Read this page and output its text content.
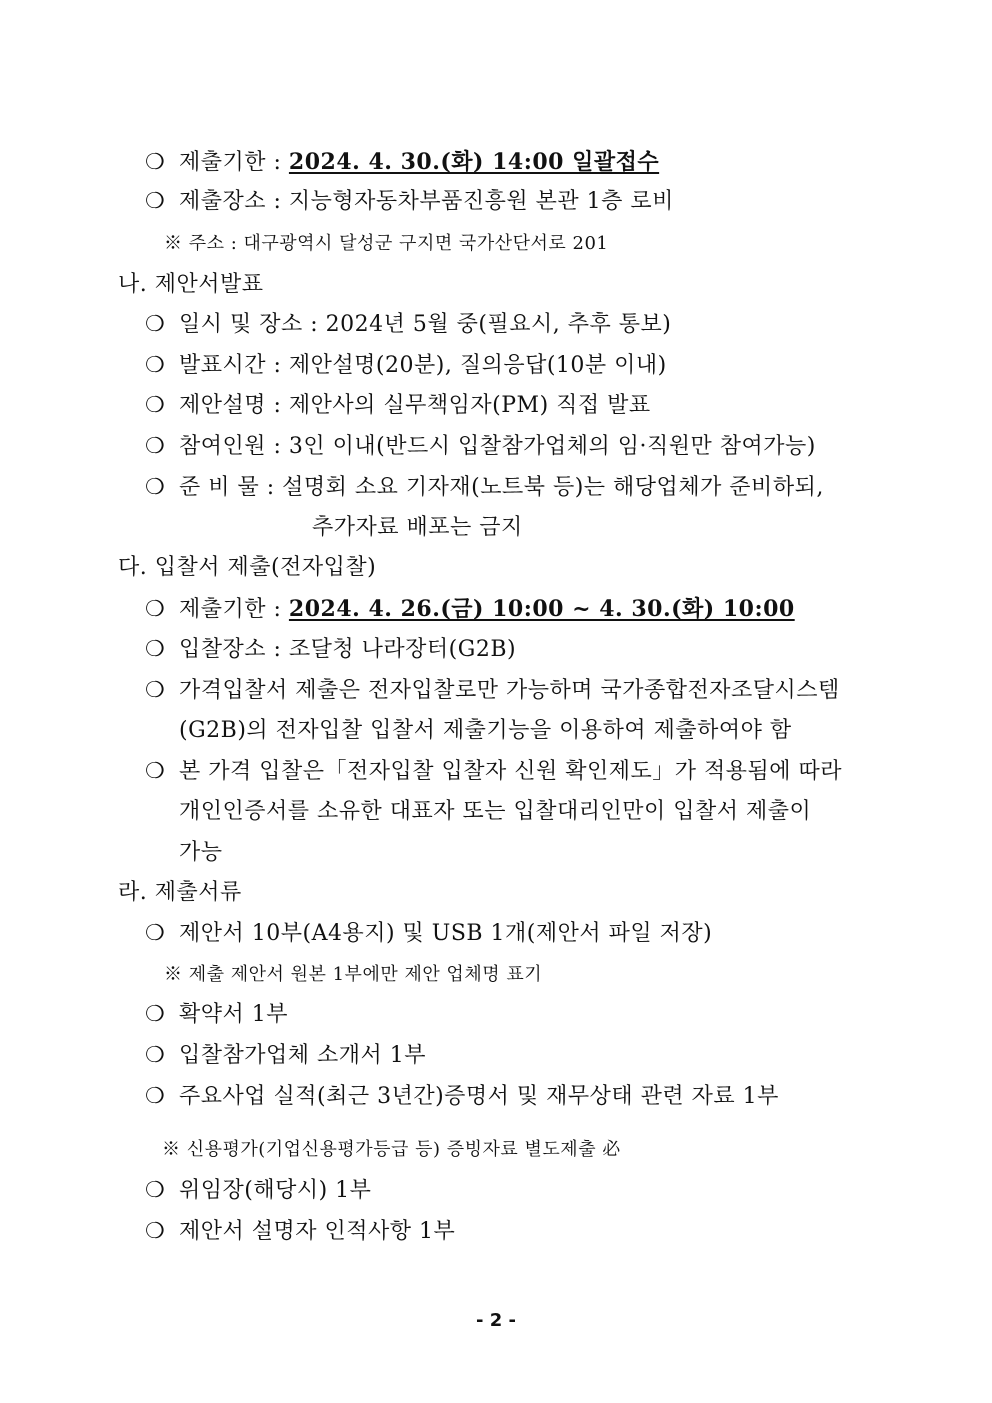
❍ 제출기한 : 2024. 4. 30.(화) 14:00 일괄접수
❍ 제출장소 : 지능형자동차부품진흥원 본관 1층 로비
※ 주소 : 대구광역시 달성군 구지면 국가산단서로 201
나. 제안서발표
❍ 일시 및 장소 : 2024년 5월 중(필요시, 추후 통보)
❍ 발표시간 : 제안설명(20분), 질의응답(10분 이내)
❍ 제안설명 : 제안사의 실무책임자(PM) 직접 발표
❍ 참여인원 : 3인 이내(반드시 입찰참가업체의 임·직원만 참여가능)
❍ 준 비 물 : 설명회 소요 기자재(노트북 등)는 해당업체가 준비하되,
추가자료 배포는 금지
다. 입찰서 제출(전자입찰)
❍ 제출기한 : 2024. 4. 26.(금) 10:00 ~ 4. 30.(화) 10:00
❍ 입찰장소 : 조달청 나라장터(G2B)
❍ 가격입찰서 제출은 전자입찰로만 가능하며 국가종합전자조달시스템
(G2B)의 전자입찰 입찰서 제출기능을 이용하여 제출하여야 함
❍ 본 가격 입찰은「전자입찰 입찰자 신원 확인제도」가 적용됨에 따라
개인인증서를 소유한 대표자 또는 입찰대리인만이 입찰서 제출이
가능
라. 제출서류
❍ 제안서 10부(A4용지) 및 USB 1개(제안서 파일 저장)
※ 제출 제안서 원본 1부에만 제안 업체명 표기
❍ 확약서 1부
❍ 입찰참가업체 소개서 1부
❍ 주요사업 실적(최근 3년간)증명서 및 재무상태 관련 자료 1부
※ 신용평가(기업신용평가등급 등) 증빙자료 별도제출 必
❍ 위임장(해당시) 1부
❍ 제안서 설명자 인적사항 1부
- 2 -
